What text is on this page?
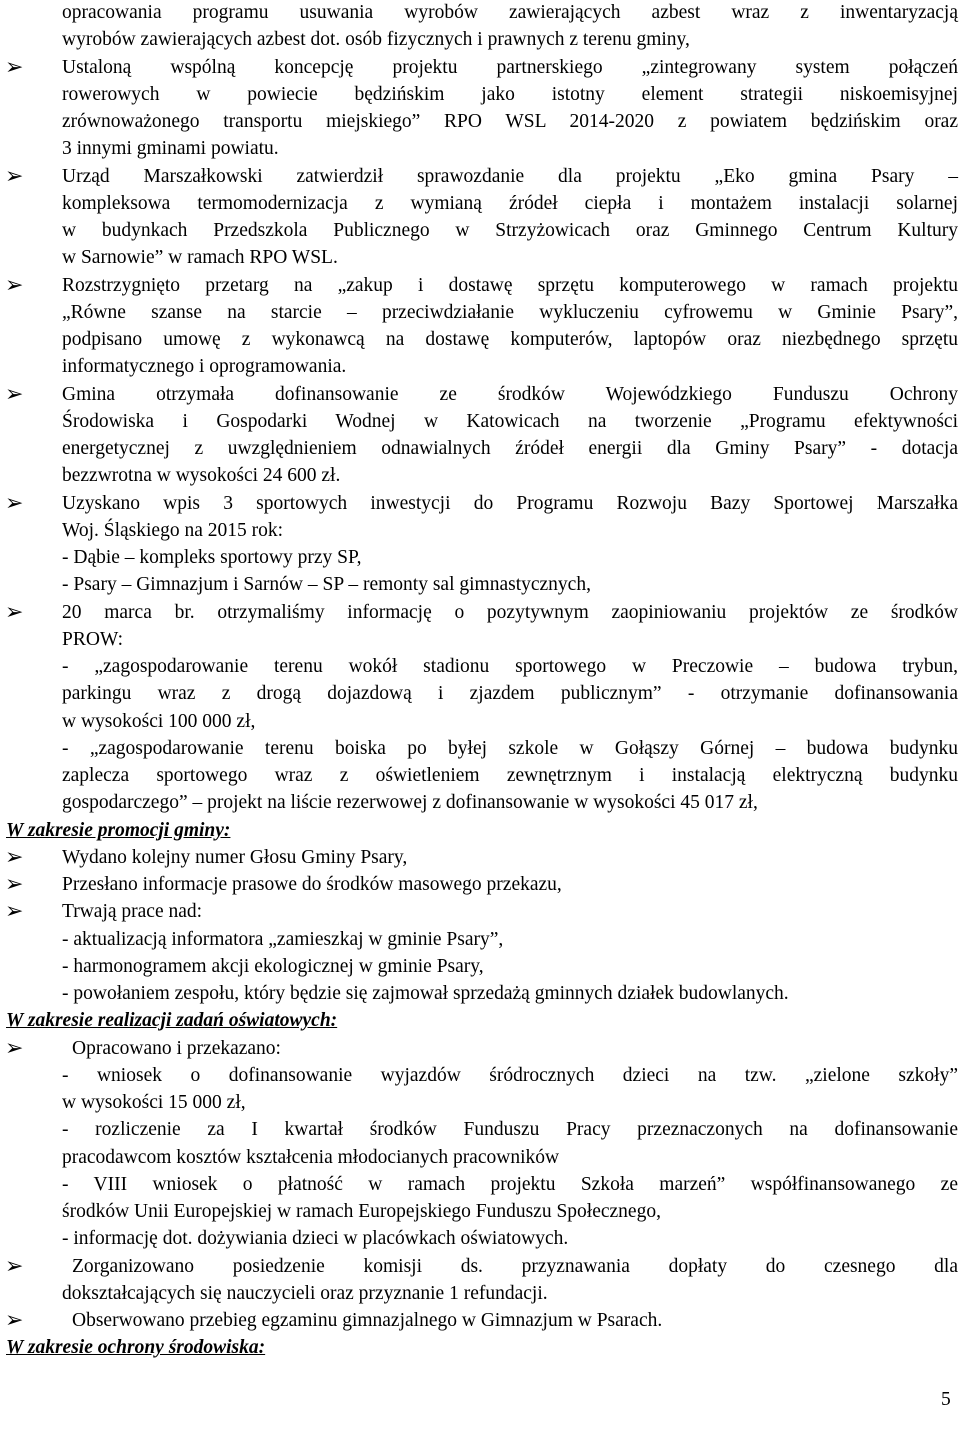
5
opracowania programu usuwania wyrobów zawierających azbest wraz z inwentaryzacją
wyrobów zawierających azbest dot. osób fizycznych i prawnych z terenu gminy,
➢ Ustaloną wspólną koncepcję projektu partnerskiego „zintegrowany system połączeń
rowerowych w powiecie będzińskim jako istotny element strategii niskoemisyjnej
zrównoważonego transportu miejskiego” RPO WSL 2014-2020 z powiatem będzińskim oraz
3 innymi gminami powiatu.
➢ Urząd Marszałkowski zatwierdził sprawozdanie dla projektu „Eko gmina Psary –
kompleksowa termomodernizacja z wymianą źródeł ciepła i montażem instalacji solarnej
w budynkach Przedszkola Publicznego w Strzyżowicach oraz Gminnego Centrum Kultury
w Sarnowie” w ramach RPO WSL.
➢ Rozstrzygnięto przetarg na „zakup i dostawę sprzętu komputerowego w ramach projektu
„Równe szanse na starcie – przeciwdziałanie wykluczeniu cyfrowemu w Gminie Psary”,
podpisano umowę z wykonawcą na dostawę komputerów, laptopów oraz niezbędnego sprzętu
informatycznego i oprogramowania.
➢ Gmina otrzymała dofinansowanie ze środków Wojewódzkiego Funduszu Ochrony
Środowiska i Gospodarki Wodnej w Katowicach na tworzenie „Programu efektywności
energetycznej z uwzględnieniem odnawialnych źródeł energii dla Gminy Psary” - dotacja
bezzwrotna w wysokości 24 600 zł.
➢ Uzyskano wpis 3 sportowych inwestycji do Programu Rozwoju Bazy Sportowej Marszałka
Woj. Śląskiego na 2015 rok:
- Dąbie – kompleks sportowy przy SP,
- Psary – Gimnazjum i Sarnów – SP – remonty sal gimnastycznych,
➢ 20 marca br. otrzymaliśmy informację o pozytywnym zaopiniowaniu projektów ze środków
PROW:
- „zagospodarowanie terenu wokół stadionu sportowego w Preczowie – budowa trybun,
parkingu wraz z drogą dojazdową i zjazdem publicznym” - otrzymanie dofinansowania
w wysokości 100 000 zł,
- „zagospodarowanie terenu boiska po byłej szkole w Gołąszy Górnej – budowa budynku
zaplecza sportowego wraz z oświetleniem zewnętrznym i instalacją elektryczną budynku
gospodarczego” – projekt na liście rezerwowej z dofinansowanie w wysokości 45 017 zł,
W zakresie promocji gminy:
➢ Wydano kolejny numer Głosu Gminy Psary,
➢ Przesłano informacje prasowe do środków masowego przekazu,
➢ Trwają prace nad:
- aktualizacją informatora „zamieszkaj w gminie Psary”,
- harmonogramem akcji ekologicznej w gminie Psary,
- powołaniem zespołu, który będzie się zajmował sprzedażą gminnych działek budowlanych.
W zakresie realizacji zadań oświatowych:
➢ Opracowano i przekazano:
- wniosek o dofinansowanie wyjazdów śródrocznych dzieci na tzw. „zielone szkoły”
w wysokości 15 000 zł,
- rozliczenie za I kwartał środków Funduszu Pracy przeznaczonych na dofinansowanie
pracodawcom kosztów kształcenia młodocianych pracowników
- VIII wniosek o płatność w ramach projektu Szkoła marzeń” współfinansowanego ze
środków Unii Europejskiej w ramach Europejskiego Funduszu Społecznego,
- informację dot. dożywiania dzieci w placówkach oświatowych.
➢ Zorganizowano posiedzenie komisji ds. przyznawania dopłaty do czesnego dla
dokształcających się nauczycieli oraz przyznanie 1 refundacji.
➢ Obserwowano przebieg egzaminu gimnazjalnego w Gimnazjum w Psarach.
W zakresie ochrony środowiska:
